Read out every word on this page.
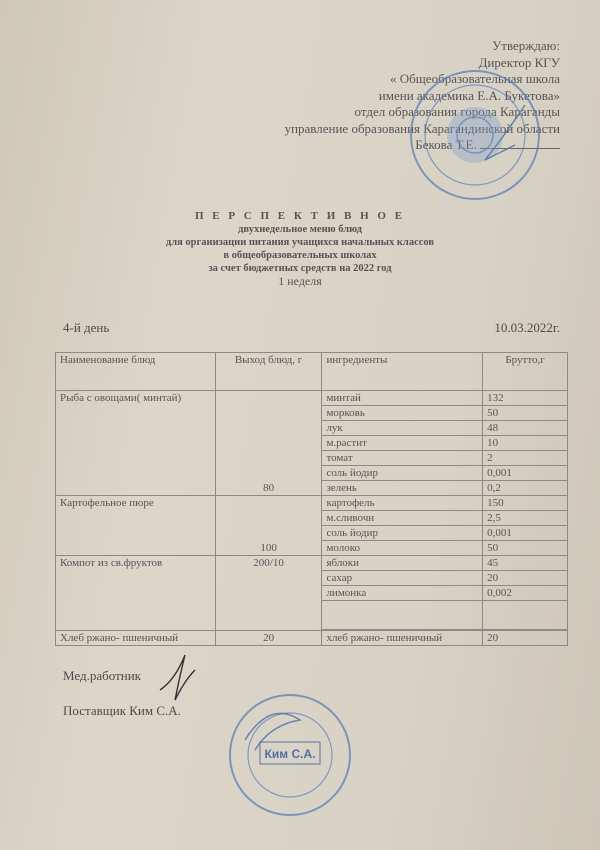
Утверждаю:
Директор КГУ
« Общеобразовательная школа
имени академика Е.А. Букетова»
отдел образования города Караганды
управление образования Карагандинской области
Бекова Т.Е.
П Е Р С П Е К Т И В Н О Е
двухнедельное меню блюд
для организации питания учащихся начальных классов
в общеобразовательных школах
за счет бюджетных средств на 2022 год
1 неделя
4-й день	10.03.2022г.
Наименование блюд	Выход блюд, г	ингредиенты	Брутто,г
Рыба с овощами( минтай)	80	минтай	132
		морковь	50
		лук	48
		м.растит	10
		томат	2
		соль йодир	0,001
		зелень	0,2
Картофельное пюре	100	картофель	150
		м.сливочн	2,5
		соль йодир	0,001
		молоко	50
Компот из св.фруктов	200/10	яблоки	45
		сахар	20
		лимонка	0,002

Хлеб ржано- пшеничный	20	хлеб ржано- пшеничный	20
Мед.работник
Поставщик Ким С.А.
Ким С.А.
